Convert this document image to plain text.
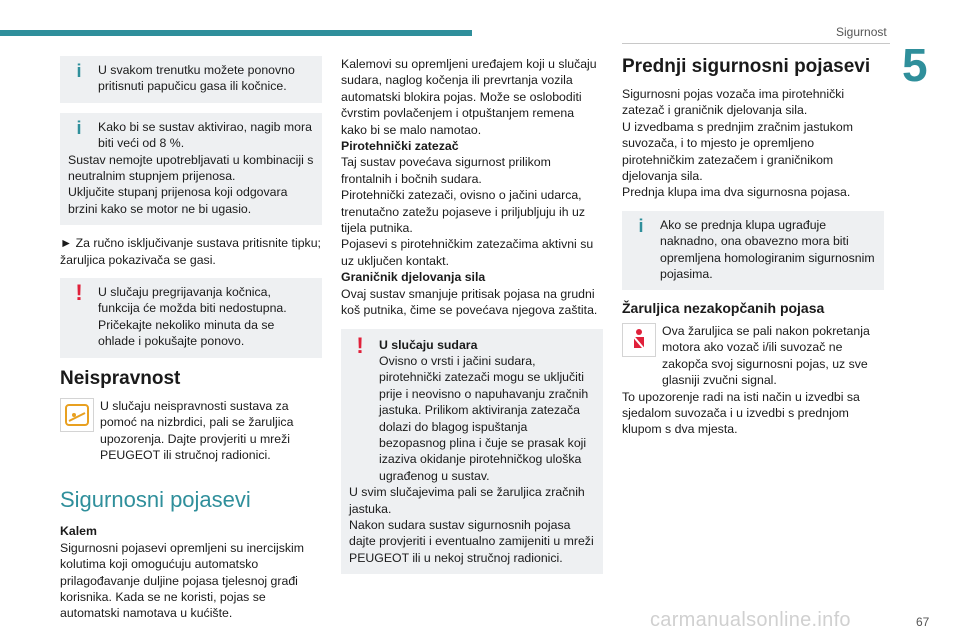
Sigurnost
5
i	U svakom trenutku možete ponovno pritisnuti papučicu gasa ili kočnice.
i	Kako bi se sustav aktivirao, nagib mora biti veći od 8 %.
Sustav nemojte upotrebljavati u kombinaciji s neutralnim stupnjem prijenosa.
Uključite stupanj prijenosa koji odgovara brzini kako se motor ne bi ugasio.

► Za ručno isključivanje sustava pritisnite tipku; žaruljica pokazivača se gasi.

!	U slučaju pregrijavanja kočnica, funkcija će možda biti nedostupna. Pričekajte nekoliko minuta da se ohlade i pokušajte ponovo.
Neispravnost

U slučaju neispravnosti sustava za pomoć na nizbrdici, pali se žaruljica upozorenja. Dajte provjeriti u mreži PEUGEOT ili stručnoj radionici.

Sigurnosni pojasevi
Kalem

Sigurnosni pojasevi opremljeni su inercijskim kolutima koji omogućuju automatsko prilagođavanje duljine pojasa tjelesnoj građi korisnika. Kada se ne koristi, pojas se automatski namotava u kućište.

Kalemovi su opremljeni uređajem koji u slučaju sudara, naglog kočenja ili prevrtanja vozila automatski blokira pojas. Može se osloboditi čvrstim povlačenjem i otpuštanjem remena kako bi se malo namotao.

Pirotehnički zatezač
Taj sustav povećava sigurnost prilikom frontalnih i bočnih sudara.
Pirotehnički zatezači, ovisno o jačini udarca, trenutačno zatežu pojaseve i priljubljuju ih uz tijela putnika.
Pojasevi s pirotehničkim zatezačima aktivni su uz uključen kontakt.
Graničnik djelovanja sila

Ovaj sustav smanjuje pritisak pojasa na grudni koš putnika, čime se povećava njegova zaštita.

!	U slučaju sudara
Ovisno o vrsti i jačini sudara, pirotehnički zatezači mogu se uključiti prije i neovisno o napuhavanju zračnih jastuka. Prilikom aktiviranja zatezača dolazi do blagog ispuštanja bezopasnog plina i čuje se prasak koji izaziva okidanje pirotehničkog uloška ugrađenog u sustav.
U svim slučajevima pali se žaruljica zračnih jastuka.
Nakon sudara sustav sigurnosnih pojasa dajte provjeriti i eventualno zamijeniti u mreži PEUGEOT ili u nekoj stručnoj radionici.
Prednji sigurnosni pojasevi
Sigurnosni pojas vozača ima pirotehnički zatezač i graničnik djelovanja sila.
U izvedbama s prednjim zračnim jastukom suvozača, i to mjesto je opremljeno pirotehničkim zatezačem i graničnikom djelovanja sila.

Prednja klupa ima dva sigurnosna pojasa.

i	Ako se prednja klupa ugrađuje naknadno, ona obavezno mora biti opremljena homologiranim sigurnosnim pojasima.
Žaruljica nezakopčanih pojasa

Ova žaruljica se pali nakon pokretanja motora ako vozač i/ili suvozač ne zakopča svoj sigurnosni pojas, uz sve glasniji zvučni signal.

To upozorenje radi na isti način u izvedbi sa sjedalom suvozača i u izvedbi s prednjom klupom s dva mjesta.

carmanualsonline.info	67
